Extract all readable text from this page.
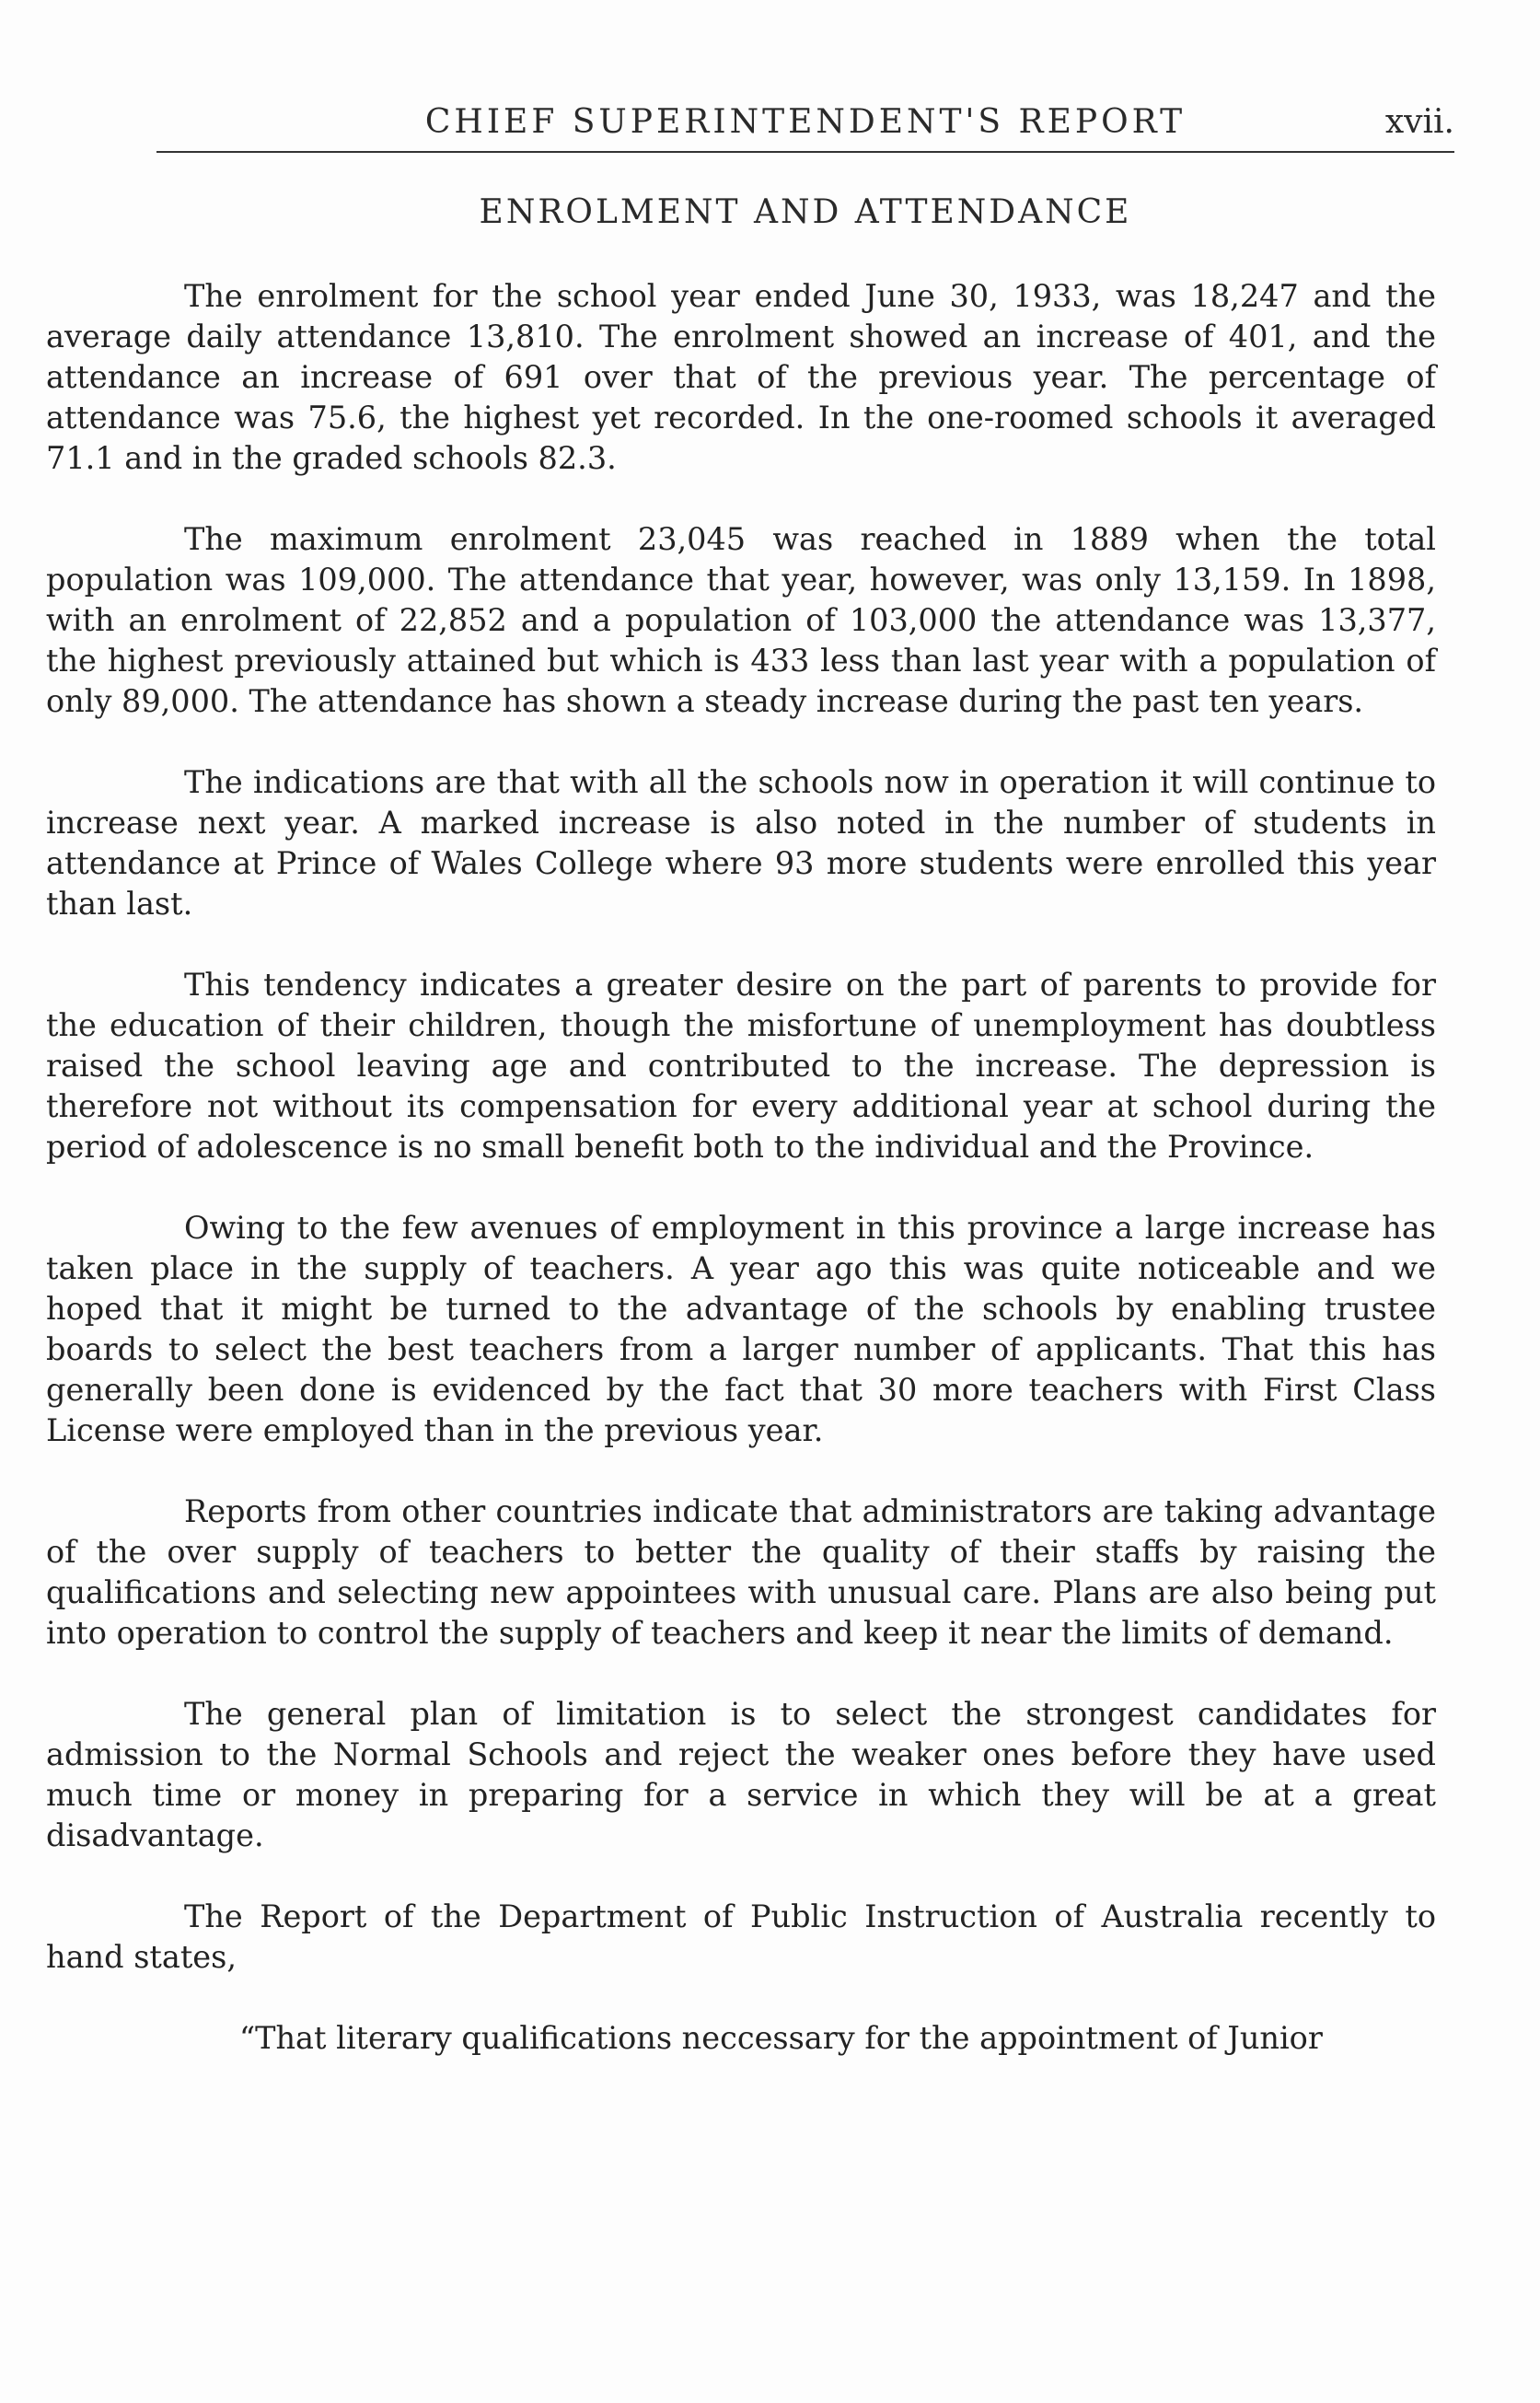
CHIEF SUPERINTENDENT'S REPORT	xvii.
ENROLMENT AND ATTENDANCE

The enrolment for the school year ended June 30, 1933, was 18,247 and the average daily attendance 13,810. The enrolment showed an increase of 401, and the attendance an increase of 691 over that of the previous year. The percentage of attendance was 75.6, the highest yet recorded. In the one-roomed schools it averaged 71.1 and in the graded schools 82.3.

The maximum enrolment 23,045 was reached in 1889 when the total population was 109,000. The attendance that year, however, was only 13,159. In 1898, with an enrolment of 22,852 and a population of 103,000 the attendance was 13,377, the highest previously attained but which is 433 less than last year with a population of only 89,000. The attendance has shown a steady increase during the past ten years.

The indications are that with all the schools now in operation it will continue to increase next year. A marked increase is also noted in the number of students in attendance at Prince of Wales College where 93 more students were enrolled this year than last.

This tendency indicates a greater desire on the part of parents to provide for the education of their children, though the misfortune of unemployment has doubtless raised the school leaving age and contributed to the increase. The depression is therefore not without its compensation for every additional year at school during the period of adolescence is no small benefit both to the individual and the Province.

Owing to the few avenues of employment in this province a large increase has taken place in the supply of teachers. A year ago this was quite noticeable and we hoped that it might be turned to the advantage of the schools by enabling trustee boards to select the best teachers from a larger number of applicants. That this has generally been done is evidenced by the fact that 30 more teachers with First Class License were employed than in the previous year.

Reports from other countries indicate that administrators are taking advantage of the over supply of teachers to better the quality of their staffs by raising the qualifications and selecting new appointees with unusual care. Plans are also being put into operation to control the supply of teachers and keep it near the limits of demand.

The general plan of limitation is to select the strongest candidates for admission to the Normal Schools and reject the weaker ones before they have used much time or money in preparing for a service in which they will be at a great disadvantage.

The Report of the Department of Public Instruction of Australia recently to hand states,

“That literary qualifications neccessary for the appointment of Junior
